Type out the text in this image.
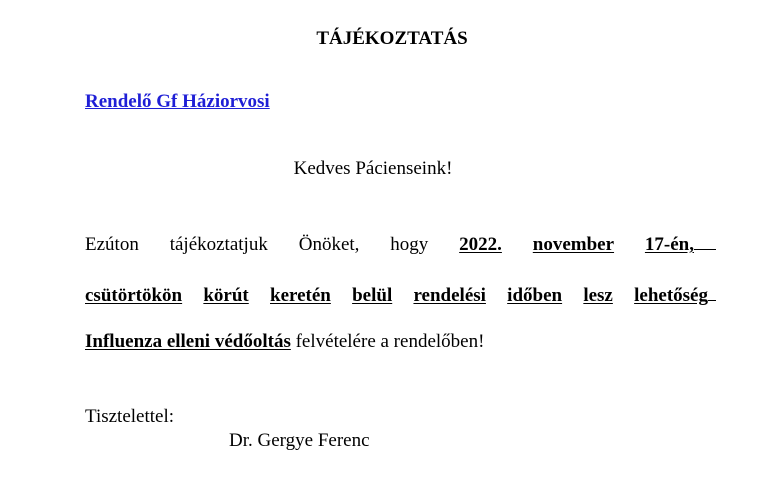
TÁJÉKOZTATÁS
Rendelő Gf Háziorvosi
Kedves Pácienseink!
Ezúton tájékoztatjuk Önöket, hogy 2022. november 17-én,
csütörtökön körút keretén belül rendelési időben lesz lehetőség
Influenza elleni védőoltás felvételére a rendelőben!
Tisztelettel:
Dr. Gergye Ferenc
